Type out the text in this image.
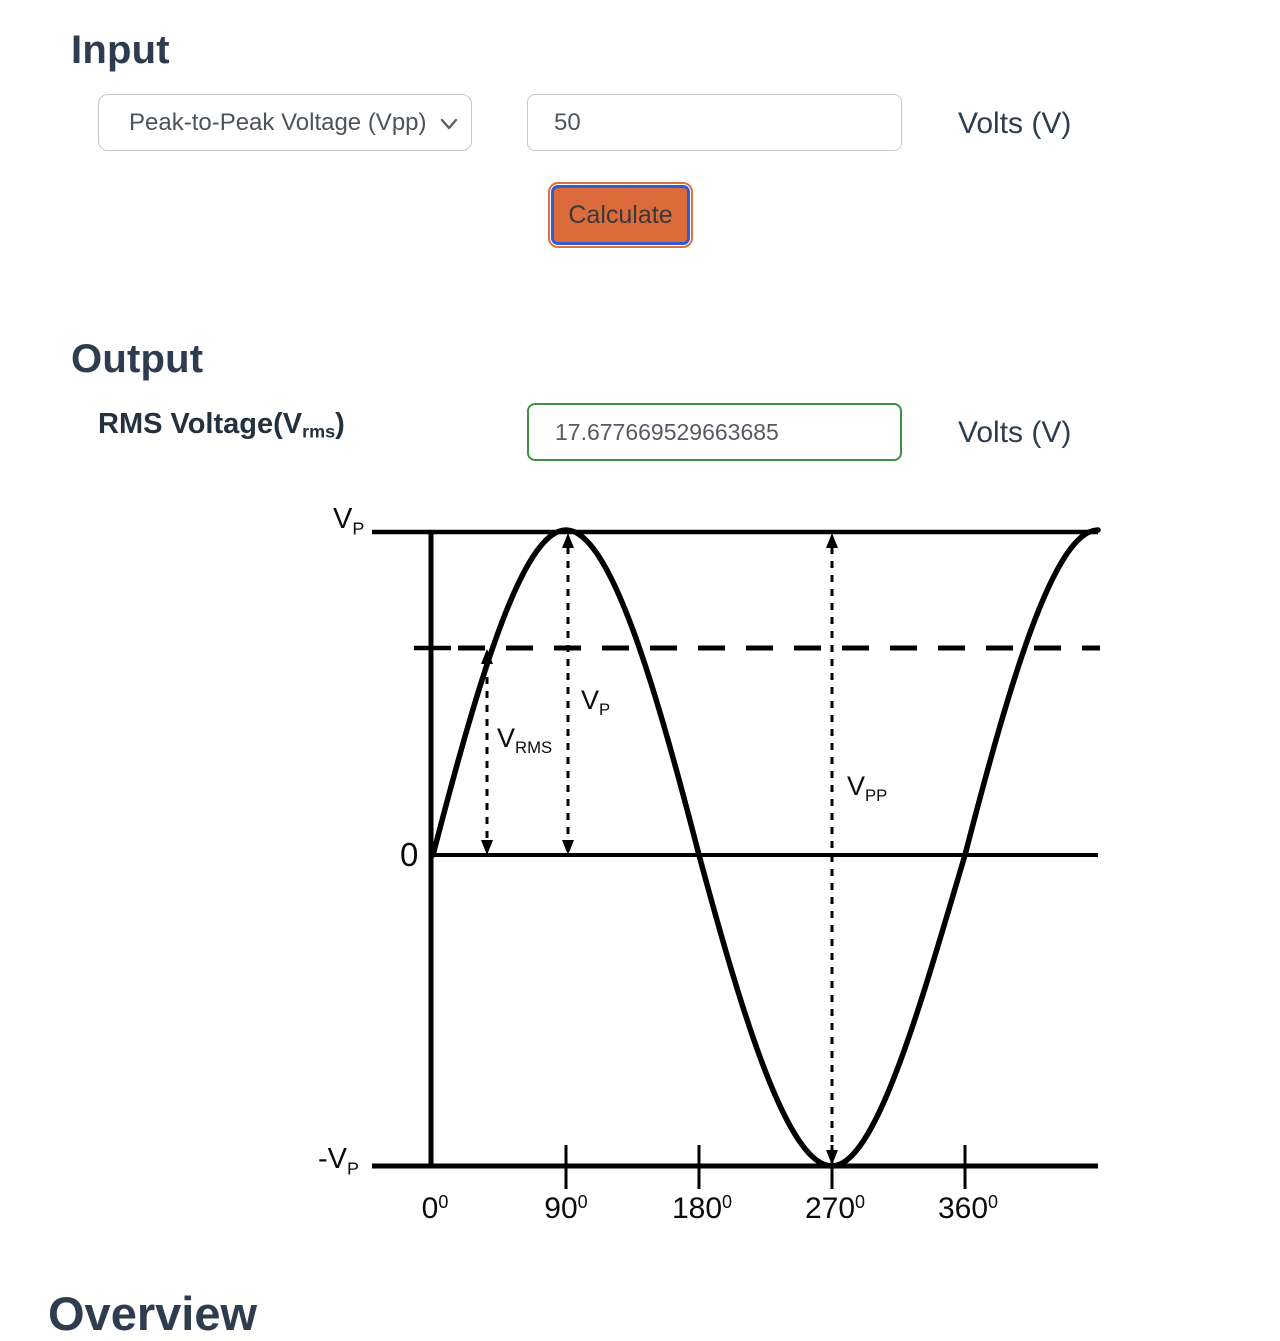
Input
Peak-to-Peak Voltage (Vpp)
50	Volts (V)
Calculate
Output
RMS Voltage(Vrms)
17.677669529663685	Volts (V)
$V_P$
0
$-V_P$
$V_{RMS}$
$V_P$
$V_{PP}$
$0^0$	$90^0$	$180^0$ $270^0$ $360^0$
Overview
